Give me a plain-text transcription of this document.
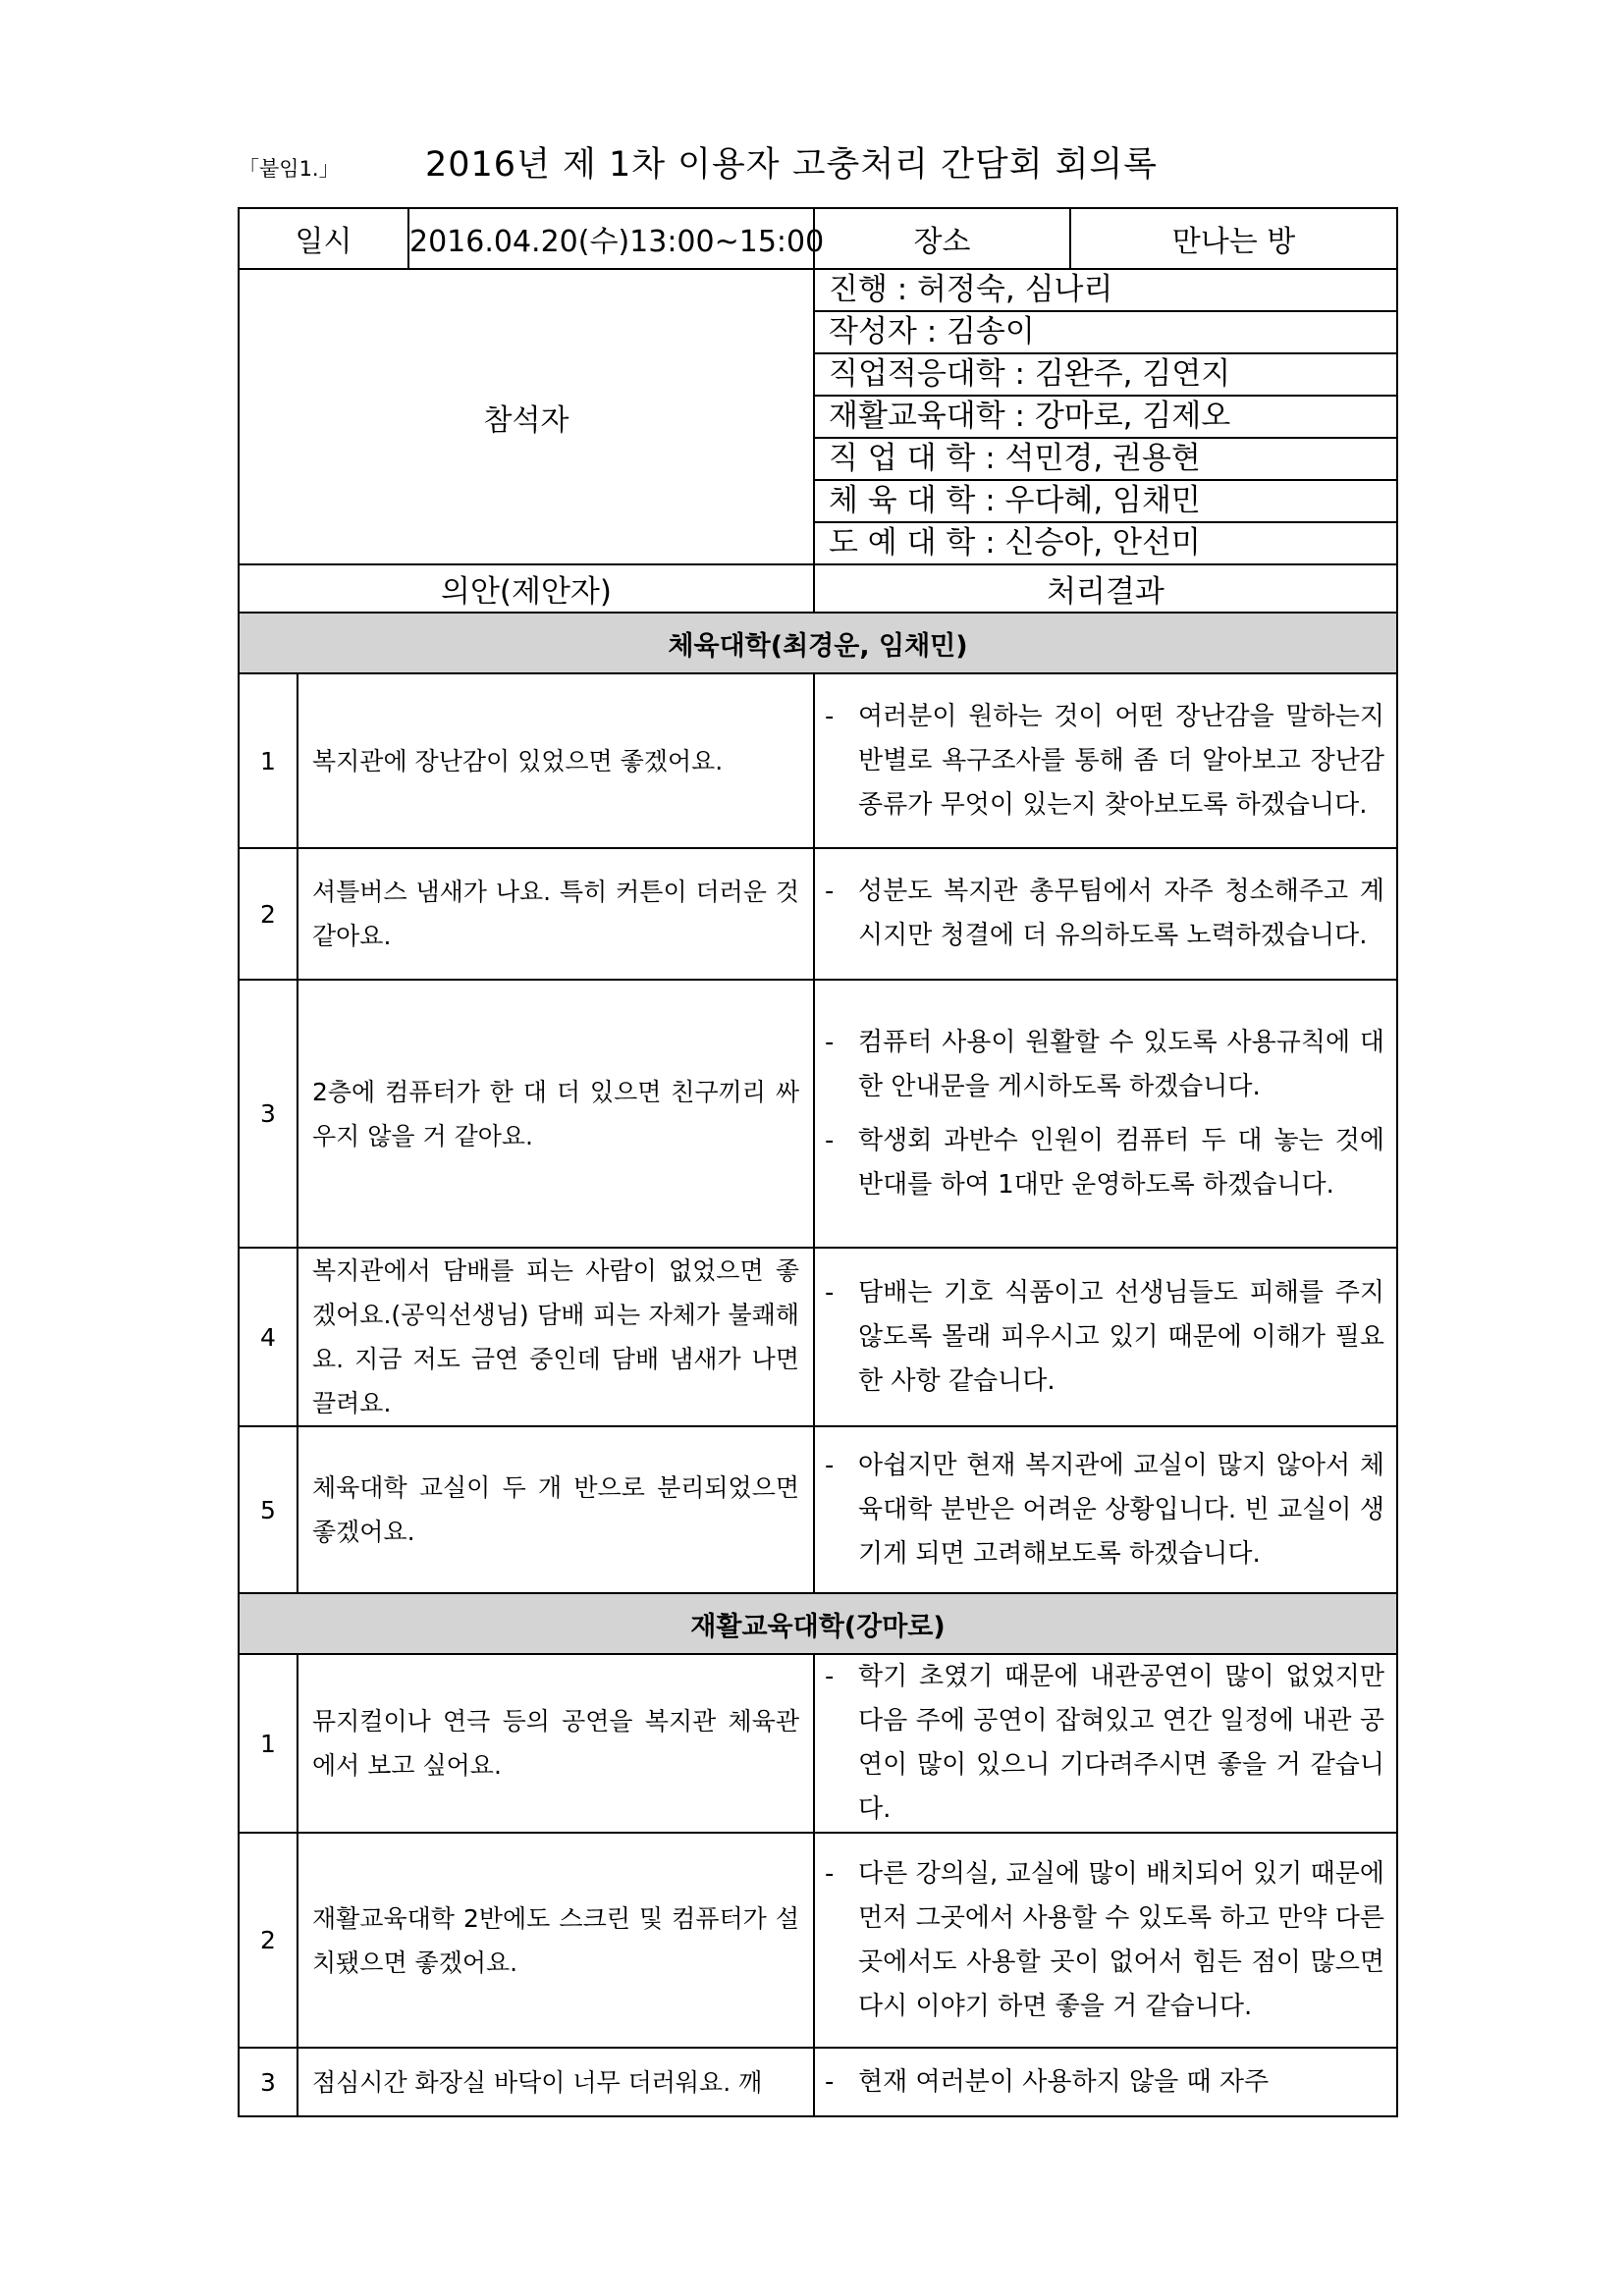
「붙임1.」 2016년 제 1차 이용자 고충처리 간담회 회의록
일시		2016.04.20(수)13:00~15:00	장소	만나는 방
참석자			진행 : 허정숙, 심나리	
			작성자 : 김송이	
			직업적응대학 : 김완주, 김연지	
			재활교육대학 : 강마로, 김제오	
			직 업 대 학 : 석민경, 권용현	
			체 육 대 학 : 우다혜, 임채민	
			도 예 대 학 : 신승아, 안선미	
의안(제안자)			처리결과	
체육대학(최경운, 임채민)				
1	복지관에 장난감이 있었으면 좋겠어요.		- 여러분이 원하는 것이 어떤 장난감을 말하는지 반별로 욕구조사를 통해 좀 더 알아보고 장난감 종류가 무엇이 있는지 찾아보도록 하겠습니다.	

2	셔틀버스 냄새가 나요. 특히 커튼이 더러운 것 같아요.		- 성분도 복지관 총무팀에서 자주 청소해주고 계시지만 청결에 더 유의하도록 노력하겠습니다.	

3	2층에 컴퓨터가 한 대 더 있으면 친구끼리 싸우지 않을 거 같아요.		- 컴퓨터 사용이 원활할 수 있도록 사용규칙에 대한 안내문을 게시하도록 하겠습니다.
- 학생회 과반수 인원이 컴퓨터 두 대 놓는 것에 반대를 하여 1대만 운영하도록 하겠습니다.	

4	복지관에서 담배를 피는 사람이 없었으면 좋겠어요.(공익선생님) 담배 피는 자체가 불쾌해요. 지금 저도 금연 중인데 담배 냄새가 나면 끌려요.		- 담배는 기호 식품이고 선생님들도 피해를 주지 않도록 몰래 피우시고 있기 때문에 이해가 필요한 사항 같습니다.	

5	체육대학 교실이 두 개 반으로 분리되었으면 좋겠어요.		- 아쉽지만 현재 복지관에 교실이 많지 않아서 체육대학 분반은 어려운 상황입니다. 빈 교실이 생기게 되면 고려해보도록 하겠습니다.	

재활교육대학(강마로)				
1	뮤지컬이나 연극 등의 공연을 복지관 체육관에서 보고 싶어요.		- 학기 초였기 때문에 내관공연이 많이 없었지만 다음 주에 공연이 잡혀있고 연간 일정에 내관 공연이 많이 있으니 기다려주시면 좋을 거 같습니다.	

2	재활교육대학 2반에도 스크린 및 컴퓨터가 설치됐으면 좋겠어요.		- 다른 강의실, 교실에 많이 배치되어 있기 때문에 먼저 그곳에서 사용할 수 있도록 하고 만약 다른 곳에서도 사용할 곳이 없어서 힘든 점이 많으면 다시 이야기 하면 좋을 거 같습니다.	

3	점심시간 화장실 바닥이 너무 더러워요. 깨		- 현재 여러분이 사용하지 않을 때 자주	
